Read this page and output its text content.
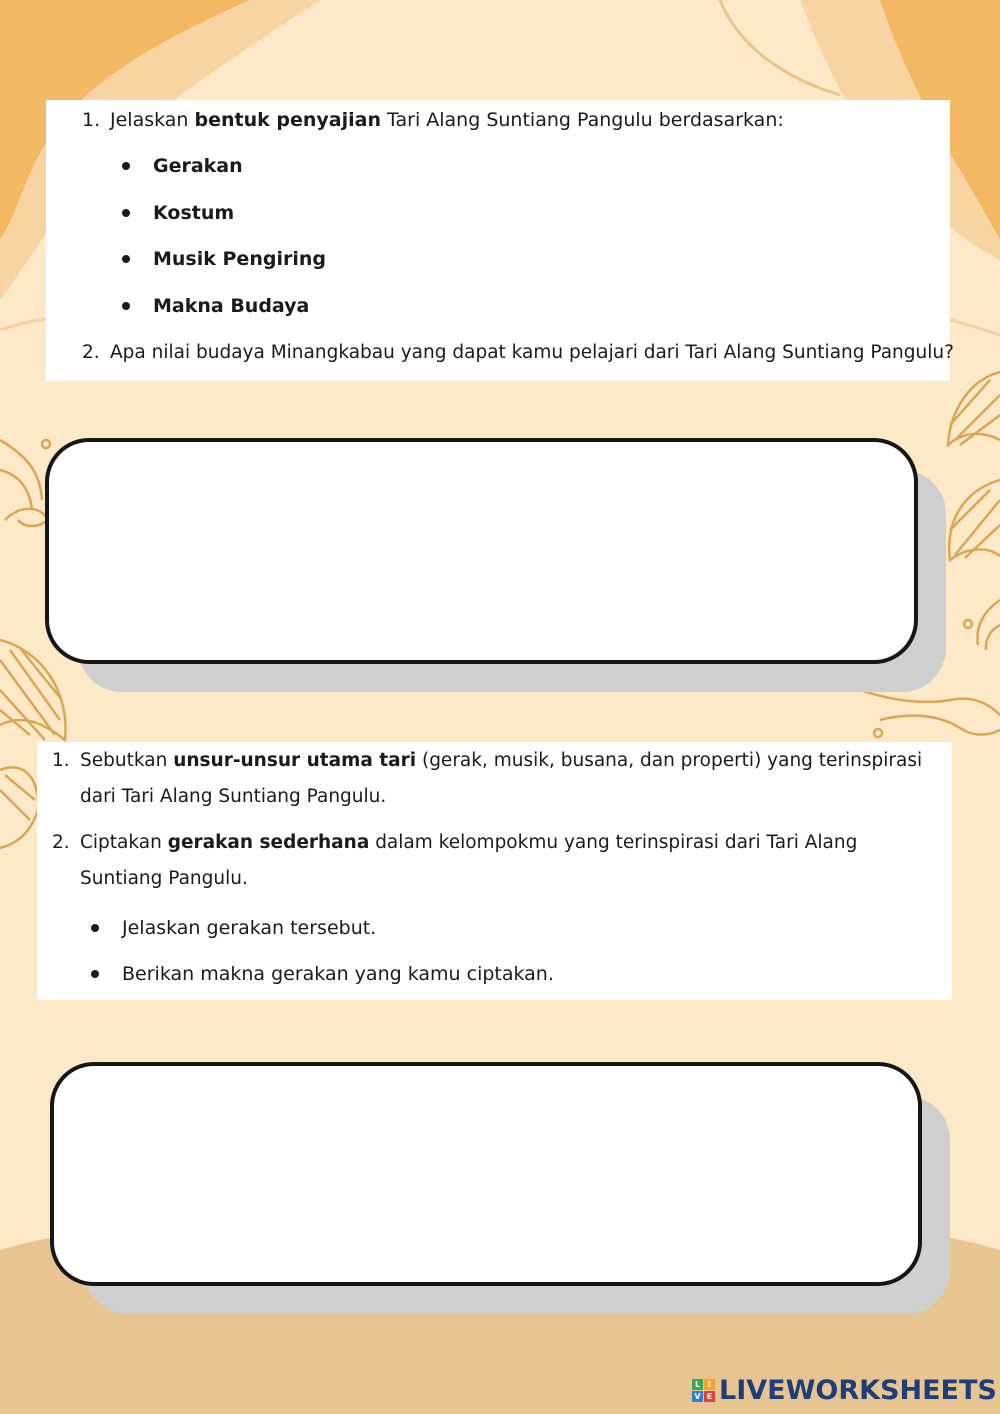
1. Jelaskan bentuk penyajian Tari Alang Suntiang Pangulu berdasarkan:
Gerakan
Kostum
Musik Pengiring
Makna Budaya
2. Apa nilai budaya Minangkabau yang dapat kamu pelajari dari Tari Alang Suntiang Pangulu?
1. Sebutkan unsur-unsur utama tari (gerak, musik, busana, dan properti) yang terinspirasi dari Tari Alang Suntiang Pangulu.
2. Ciptakan gerakan sederhana dalam kelompokmu yang terinspirasi dari Tari Alang Suntiang Pangulu.
Jelaskan gerakan tersebut.
Berikan makna gerakan yang kamu ciptakan.
L I
V E LIVEWORKSHEETS
